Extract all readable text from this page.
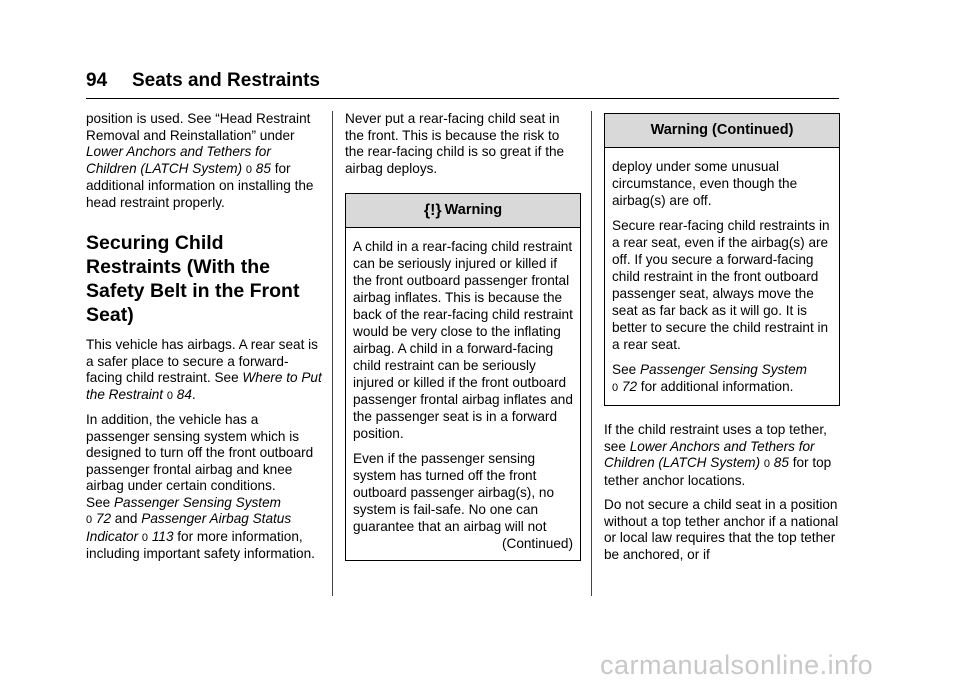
94 Seats and Restraints

position is used. See “Head Restraint Removal and Reinstallation” under Lower Anchors and Tethers for Children (LATCH System) 0 85 for additional information on installing the head restraint properly.

Securing Child Restraints (With the Safety Belt in the Front Seat)

This vehicle has airbags. A rear seat is a safer place to secure a forward-facing child restraint. See Where to Put the Restraint 0 84.

In addition, the vehicle has a passenger sensing system which is designed to turn off the front outboard passenger frontal airbag and knee airbag under certain conditions.
See Passenger Sensing System
0 72 and Passenger Airbag Status Indicator 0 113 for more information, including important safety information.

Never put a rear-facing child seat in the front. This is because the risk to the rear-facing child is so great if the airbag deploys.

{!} Warning

A child in a rear-facing child restraint can be seriously injured or killed if the front outboard passenger frontal airbag inflates. This is because the back of the rear-facing child restraint would be very close to the inflating airbag. A child in a forward-facing child restraint can be seriously injured or killed if the front outboard passenger frontal airbag inflates and the passenger seat is in a forward position.

Even if the passenger sensing system has turned off the front outboard passenger airbag(s), no system is fail-safe. No one can guarantee that an airbag will not

(Continued)
Warning (Continued)

deploy under some unusual circumstance, even though the airbag(s) are off.

Secure rear-facing child restraints in a rear seat, even if the airbag(s) are off. If you secure a forward-facing child restraint in the front outboard passenger seat, always move the seat as far back as it will go. It is better to secure the child restraint in a rear seat.

See Passenger Sensing System
0 72 for additional information.

If the child restraint uses a top tether, see Lower Anchors and Tethers for Children (LATCH System) 0 85 for top tether anchor locations.

Do not secure a child seat in a position without a top tether anchor if a national or local law requires that the top tether be anchored, or if

carmanualsonline.info
